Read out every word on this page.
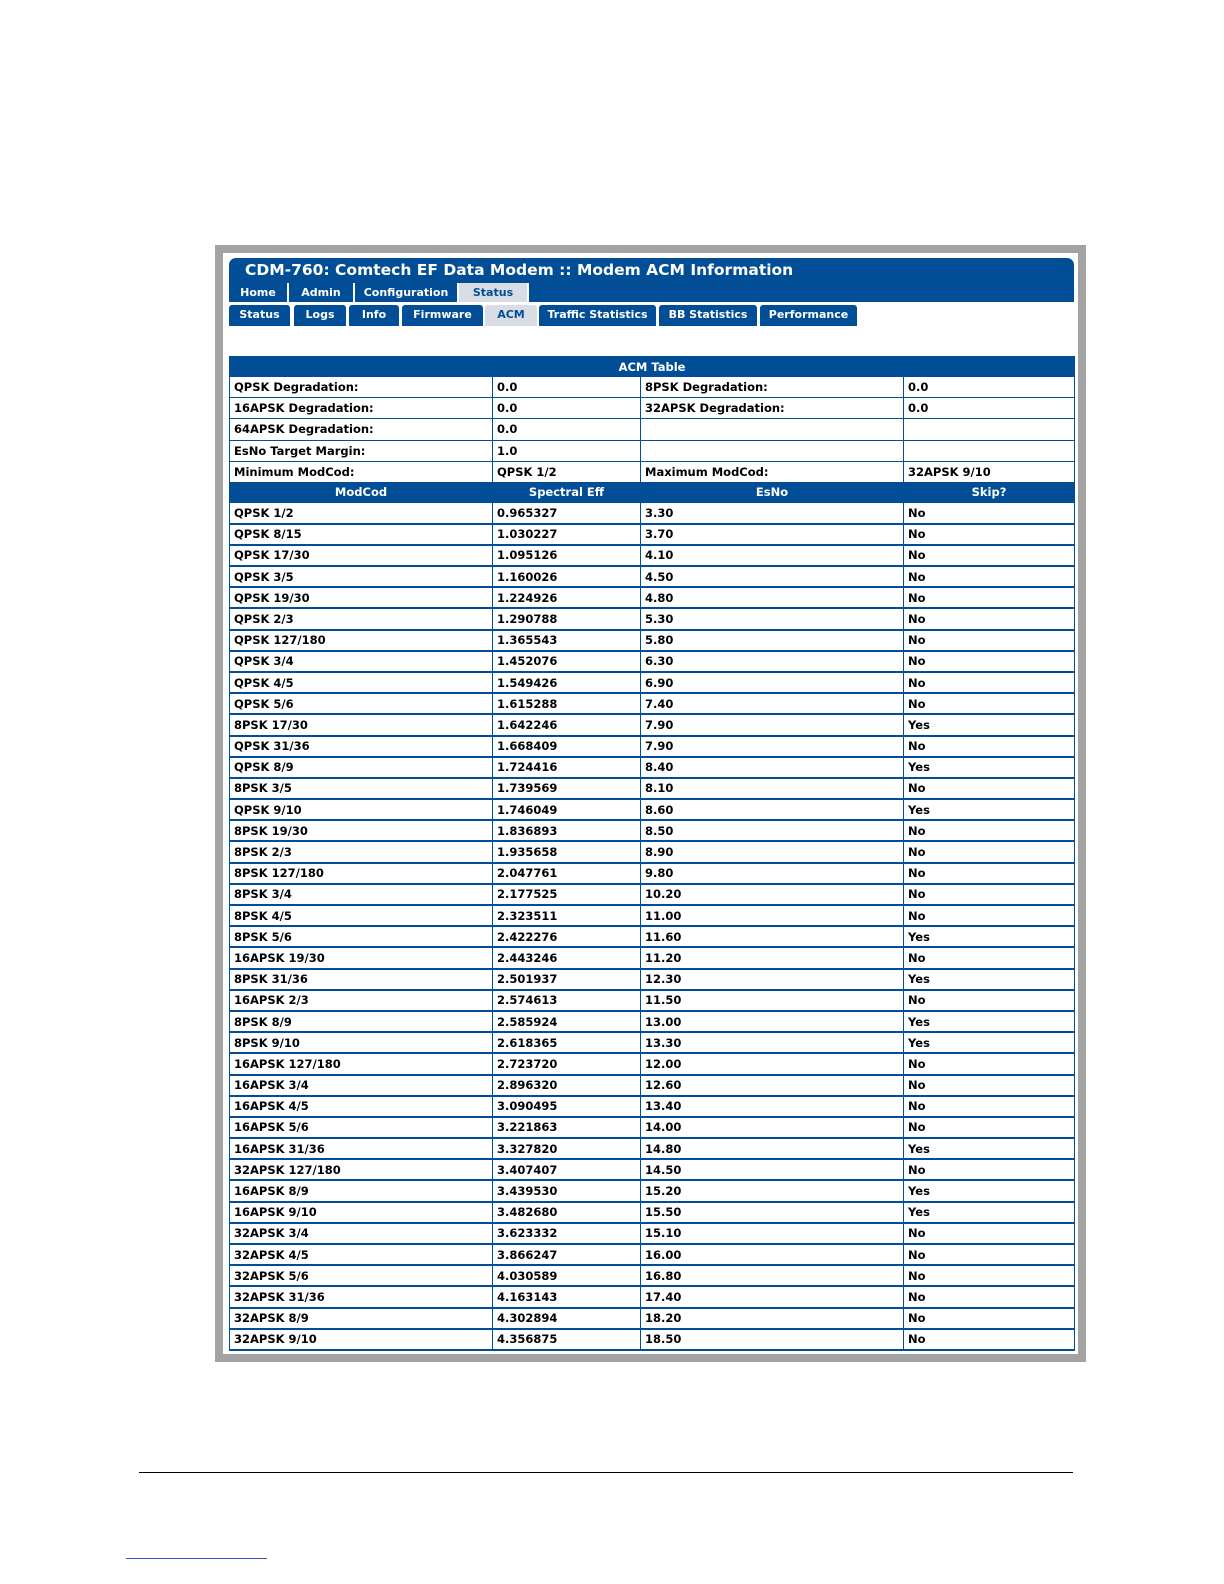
CDM-760: Comtech EF Data Modem :: Modem ACM Information
Home	Admin	Configuration	Status
Status	Logs	Info	Firmware	ACM	Traffic Statistics	BB Statistics	Performance
ACM Table			
QPSK Degradation:	0.0	8PSK Degradation:	0.0
16APSK Degradation:	0.0	32APSK Degradation:	0.0
64APSK Degradation:	0.0		
EsNo Target Margin:	1.0		
Minimum ModCod:	QPSK 1/2	Maximum ModCod:	32APSK 9/10
ModCod	Spectral Eff	EsNo	Skip?
QPSK 1/2	0.965327	3.30	No
QPSK 8/15	1.030227	3.70	No
QPSK 17/30	1.095126	4.10	No
QPSK 3/5	1.160026	4.50	No
QPSK 19/30	1.224926	4.80	No
QPSK 2/3	1.290788	5.30	No
QPSK 127/180	1.365543	5.80	No
QPSK 3/4	1.452076	6.30	No
QPSK 4/5	1.549426	6.90	No
QPSK 5/6	1.615288	7.40	No
8PSK 17/30	1.642246	7.90	Yes
QPSK 31/36	1.668409	7.90	No
QPSK 8/9	1.724416	8.40	Yes
8PSK 3/5	1.739569	8.10	No
QPSK 9/10	1.746049	8.60	Yes
8PSK 19/30	1.836893	8.50	No
8PSK 2/3	1.935658	8.90	No
8PSK 127/180	2.047761	9.80	No
8PSK 3/4	2.177525	10.20	No
8PSK 4/5	2.323511	11.00	No
8PSK 5/6	2.422276	11.60	Yes
16APSK 19/30	2.443246	11.20	No
8PSK 31/36	2.501937	12.30	Yes
16APSK 2/3	2.574613	11.50	No
8PSK 8/9	2.585924	13.00	Yes
8PSK 9/10	2.618365	13.30	Yes
16APSK 127/180	2.723720	12.00	No
16APSK 3/4	2.896320	12.60	No
16APSK 4/5	3.090495	13.40	No
16APSK 5/6	3.221863	14.00	No
16APSK 31/36	3.327820	14.80	Yes
32APSK 127/180	3.407407	14.50	No
16APSK 8/9	3.439530	15.20	Yes
16APSK 9/10	3.482680	15.50	Yes
32APSK 3/4	3.623332	15.10	No
32APSK 4/5	3.866247	16.00	No
32APSK 5/6	4.030589	16.80	No
32APSK 31/36	4.163143	17.40	No
32APSK 8/9	4.302894	18.20	No
32APSK 9/10	4.356875	18.50	No
